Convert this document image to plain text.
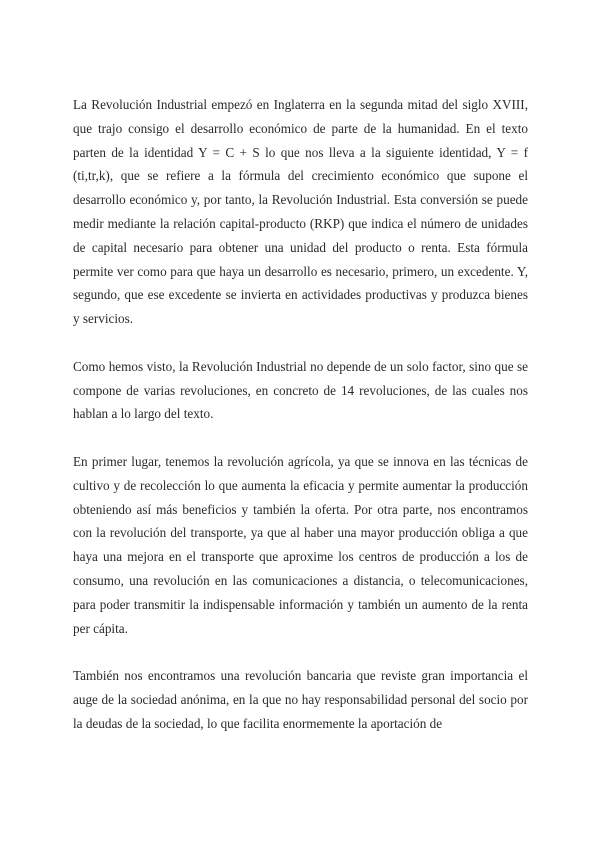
La Revolución Industrial empezó en Inglaterra en la segunda mitad del siglo XVIII, que trajo consigo el desarrollo económico de parte de la humanidad. En el texto parten de la identidad Y = C + S lo que nos lleva a la siguiente identidad, Y = f (ti,tr,k), que se refiere a la fórmula del crecimiento económico que supone el desarrollo económico y, por tanto, la Revolución Industrial. Esta conversión se puede medir mediante la relación capital-producto (RKP) que indica el número de unidades de capital necesario para obtener una unidad del producto o renta. Esta fórmula permite ver como para que haya un desarrollo es necesario, primero, un excedente. Y, segundo, que ese excedente se invierta en actividades productivas y produzca bienes y servicios.

Como hemos visto, la Revolución Industrial no depende de un solo factor, sino que se compone de varias revoluciones, en concreto de 14 revoluciones, de las cuales nos hablan a lo largo del texto.

En primer lugar, tenemos la revolución agrícola, ya que se innova en las técnicas de cultivo y de recolección lo que aumenta la eficacia y permite aumentar la producción obteniendo así más beneficios y también la oferta. Por otra parte, nos encontramos con la revolución del transporte, ya que al haber una mayor producción obliga a que haya una mejora en el transporte que aproxime los centros de producción a los de consumo, una revolución en las comunicaciones a distancia, o telecomunicaciones, para poder transmitir la indispensable información y también un aumento de la renta per cápita.

También nos encontramos una revolución bancaria que reviste gran importancia el auge de la sociedad anónima, en la que no hay responsabilidad personal del socio por la deudas de la sociedad, lo que facilita enormemente la aportación de
